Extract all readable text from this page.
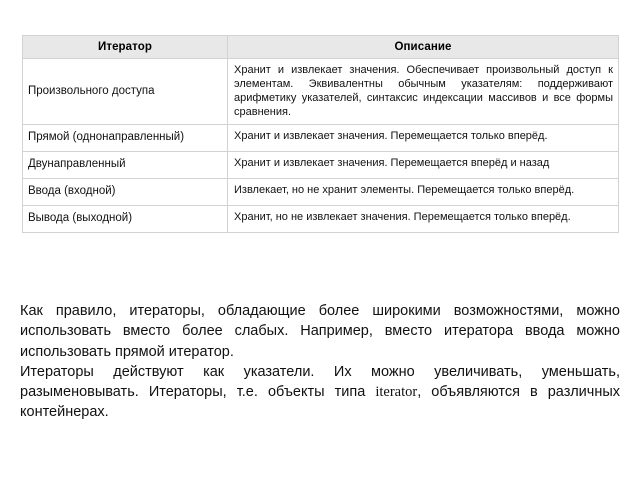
Итератор	Описание
Произвольного доступа	Хранит и извлекает значения. Обеспечивает произвольный доступ к элементам. Эквивалентны обычным указателям: поддерживают арифметику указателей, синтаксис индексации массивов и все формы сравнения.
Прямой (однонаправленный)	Хранит и извлекает значения. Перемещается только вперёд.
Двунаправленный	Хранит и извлекает значения. Перемещается вперёд и назад
Ввода (входной)	Извлекает, но не хранит элементы. Перемещается только вперёд.
Вывода (выходной)	Хранит, но не извлекает значения. Перемещается только вперёд.

Как правило, итераторы, обладающие более широкими возможностями, можно использовать вместо более слабых. Например, вместо итератора ввода можно использовать прямой итератор.

Итераторы действуют как указатели. Их можно увеличивать, уменьшать, разыменовывать. Итераторы, т.е. объекты типа iterator, объявляются в различных контейнерах.
